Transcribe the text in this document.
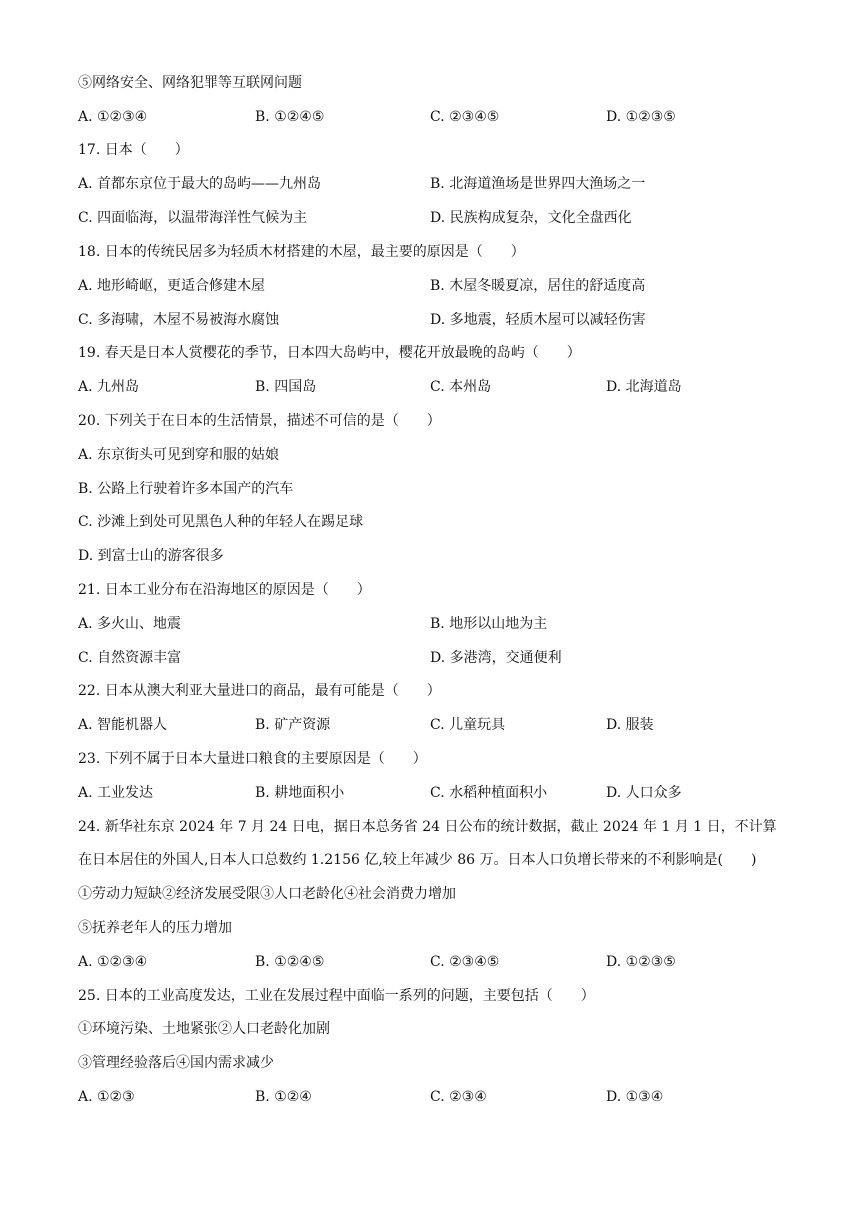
⑤网络安全、网络犯罪等互联网问题
A. ①②③④	B. ①②④⑤	C. ②③④⑤	D. ①②③⑤
17. 日本（　　）
A. 首都东京位于最大的岛屿——九州岛	B. 北海道渔场是世界四大渔场之一
C. 四面临海，以温带海洋性气候为主	D. 民族构成复杂，文化全盘西化
18. 日本的传统民居多为轻质木材搭建的木屋，最主要的原因是（　　）
A. 地形崎岖，更适合修建木屋	B. 木屋冬暖夏凉，居住的舒适度高
C. 多海啸，木屋不易被海水腐蚀	D. 多地震，轻质木屋可以减轻伤害
19. 春天是日本人赏樱花的季节，日本四大岛屿中，樱花开放最晚的岛屿（　　）
A. 九州岛	B. 四国岛	C. 本州岛	D. 北海道岛
20. 下列关于在日本的生活情景，描述不可信的是（　　）
A. 东京街头可见到穿和服的姑娘
B. 公路上行驶着许多本国产的汽车
C. 沙滩上到处可见黑色人种的年轻人在踢足球
D. 到富士山的游客很多
21. 日本工业分布在沿海地区的原因是（　　）
A. 多火山、地震	B. 地形以山地为主
C. 自然资源丰富	D. 多港湾，交通便利
22. 日本从澳大利亚大量进口的商品，最有可能是（　　）
A. 智能机器人	B. 矿产资源	C. 儿童玩具	D. 服装
23. 下列不属于日本大量进口粮食的主要原因是（　　）
A. 工业发达	B. 耕地面积小	C. 水稻种植面积小	D. 人口众多
24. 新华社东京 2024 年 7 月 24 日电，据日本总务省 24 日公布的统计数据，截止 2024 年 1 月 1 日，不计算
在日本居住的外国人,日本人口总数约 1.2156 亿,较上年减少 86 万。日本人口负增长带来的不利影响是(　　)
①劳动力短缺②经济发展受限③人口老龄化④社会消费力增加
⑤抚养老年人的压力增加
A. ①②③④	B. ①②④⑤	C. ②③④⑤	D. ①②③⑤
25. 日本的工业高度发达，工业在发展过程中面临一系列的问题，主要包括（　　）
①环境污染、土地紧张②人口老龄化加剧
③管理经验落后④国内需求减少
A. ①②③	B. ①②④	C. ②③④	D. ①③④
